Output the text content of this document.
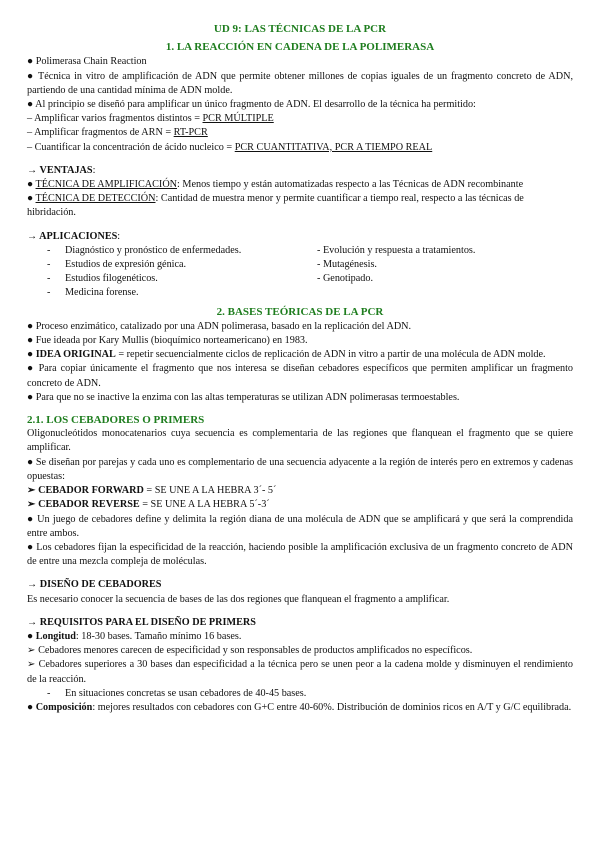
UD 9: LAS TÉCNICAS DE LA PCR
1. LA REACCIÓN EN CADENA DE LA POLIMERASA

● Polimerasa Chain Reaction

● Técnica in vitro de amplificación de ADN que permite obtener millones de copias iguales de un fragmento concreto de ADN, partiendo de una cantidad mínima de ADN molde.

● Al principio se diseñó para amplificar un único fragmento de ADN. El desarrollo de la técnica ha permitido:

– Amplificar varios fragmentos distintos = PCR MÚLTIPLE

– Amplificar fragmentos de ARN = RT-PCR

– Cuantificar la concentración de ácido nucleico = PCR CUANTITATIVA, PCR A TIEMPO REAL

→ VENTAJAS:

● TÉCNICA DE AMPLIFICACIÓN: Menos tiempo y están automatizadas respecto a las Técnicas de ADN recombinante

● TÉCNICA DE DETECCIÓN: Cantidad de muestra menor y permite cuantificar a tiempo real, respecto a las técnicas de hibridación.

→ APLICACIONES:

-	Diagnóstico y pronóstico de enfermedades.	- Evolución y respuesta a tratamientos.
-	Estudios de expresión génica.	- Mutagénesis.
-	Estudios filogenéticos.	- Genotipado.
-	Medicina forense.
2. BASES TEÓRICAS DE LA PCR

● Proceso enzimático, catalizado por una ADN polimerasa, basado en la replicación del ADN.

● Fue ideada por Kary Mullis (bioquímico norteamericano) en 1983.

● IDEA ORIGINAL = repetir secuencialmente ciclos de replicación de ADN in vitro a partir de una molécula de ADN molde.

● Para copiar únicamente el fragmento que nos interesa se diseñan cebadores específicos que permiten amplificar un fragmento concreto de ADN.

● Para que no se inactive la enzima con las altas temperaturas se utilizan ADN polimerasas termoestables.

2.1. LOS CEBADORES O PRIMERS

Oligonucleótidos monocatenarios cuya secuencia es complementaria de las regiones que flanquean el fragmento que se quiere amplificar.

● Se diseñan por parejas y cada uno es complementario de una secuencia adyacente a la región de interés pero en extremos y cadenas opuestas:

➢ CEBADOR FORWARD = SE UNE A LA HEBRA 3´- 5´

➢ CEBADOR REVERSE = SE UNE A LA HEBRA 5´-3´

● Un juego de cebadores define y delimita la región diana de una molécula de ADN que se amplificará y que será la comprendida entre ambos.

● Los cebadores fijan la especificidad de la reacción, haciendo posible la amplificación exclusiva de un fragmento concreto de ADN de entre una mezcla compleja de moléculas.

→ DISEÑO DE CEBADORES

Es necesario conocer la secuencia de bases de las dos regiones que flanquean el fragmento a amplificar.

→ REQUISITOS PARA EL DISEÑO DE PRIMERS

● Longitud: 18-30 bases. Tamaño mínimo 16 bases.

➢ Cebadores menores carecen de especificidad y son responsables de productos amplificados no específicos.

➢ Cebadores superiores a 30 bases dan especificidad a la técnica pero se unen peor a la cadena molde y disminuyen el rendimiento de la reacción.

-	En situaciones concretas se usan cebadores de 40-45 bases.

● Composición: mejores resultados con cebadores con G+C entre 40-60%. Distribución de dominios ricos en A/T y G/C equilibrada.
